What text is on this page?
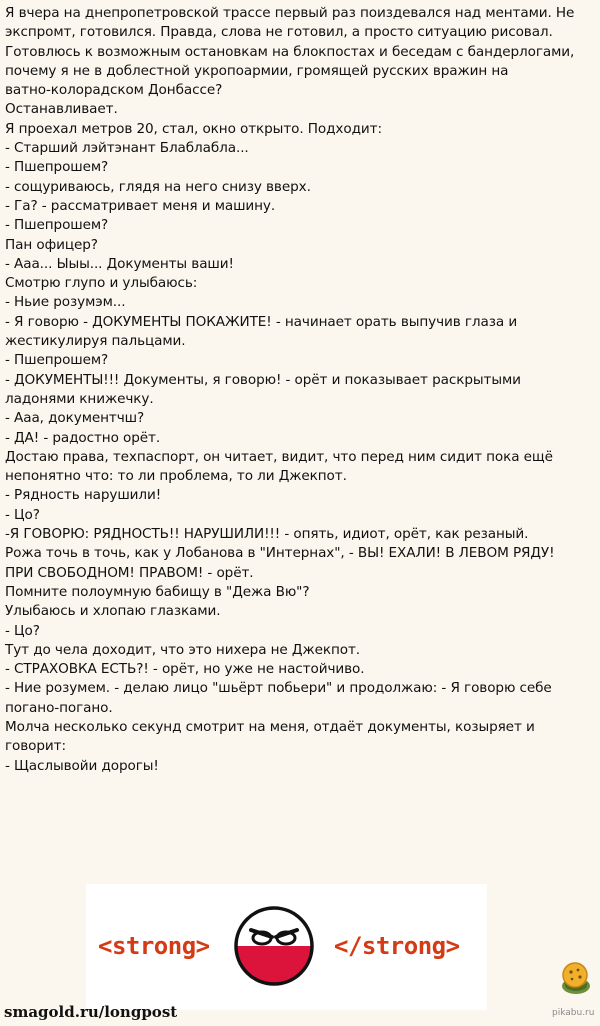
Я вчера на днепропетровской трассе первый раз поиздевался над ментами. Не
экспромт, готовился. Правда, слова не готовил, а просто ситуацию рисовал.
Готовлюсь к возможным остановкам на блокпостах и беседам с бандерлогами,
почему я не в доблестной укропоармии, громящей русских вражин на
ватно-колорадском Донбассе?
Останавливает.
Я проехал метров 20, стал, окно открыто. Подходит:
- Старший лэйтэнант Блаблабла...
- Пшепрошем?
- сощуриваюсь, глядя на него снизу вверх.
- Га? - рассматривает меня и машину.
- Пшепрошем?
Пан офицер?
- Ааа... Ыыы... Документы ваши!
Смотрю глупо и улыбаюсь:
- Ньие розумэм...
- Я говорю - ДОКУМЕНТЫ ПОКАЖИТЕ! - начинает орать выпучив глаза и
жестикулируя пальцами.
- Пшепрошем?
- ДОКУМЕНТЫ!!! Документы, я говорю! - орёт и показывает раскрытыми
ладонями книжечку.
- Ааа, документчш?
- ДА! - радостно орёт.
Достаю права, техпаспорт, он читает, видит, что перед ним сидит пока ещё
непонятно что: то ли проблема, то ли Джекпот.
- Рядность нарушили!
- Цо?
-Я ГОВОРЮ: РЯДНОСТЬ!! НАРУШИЛИ!!! - опять, идиот, орёт, как резаный.
Рожа точь в точь, как у Лобанова в "Интернах", - ВЫ! ЕХАЛИ! В ЛЕВОМ РЯДУ!
ПРИ СВОБОДНОМ! ПРАВОМ! - орёт.
Помните полоумную бабищу в "Дежа Вю"?
Улыбаюсь и хлопаю глазками.
- Цо?
Тут до чела доходит, что это нихера не Джекпот.
- СТРАХОВКА ЕСТЬ?! - орёт, но уже не настойчиво.
- Ние розумем. - делаю лицо "шьёрт побьери" и продолжаю: - Я говорю себе
погано-погано.
Молча несколько секунд смотрит на меня, отдаёт документы, козыряет и
говорит:
- Щаслывойи дорогы!
<strong>	</strong>
smagold.ru/longpost	pikabu.ru
